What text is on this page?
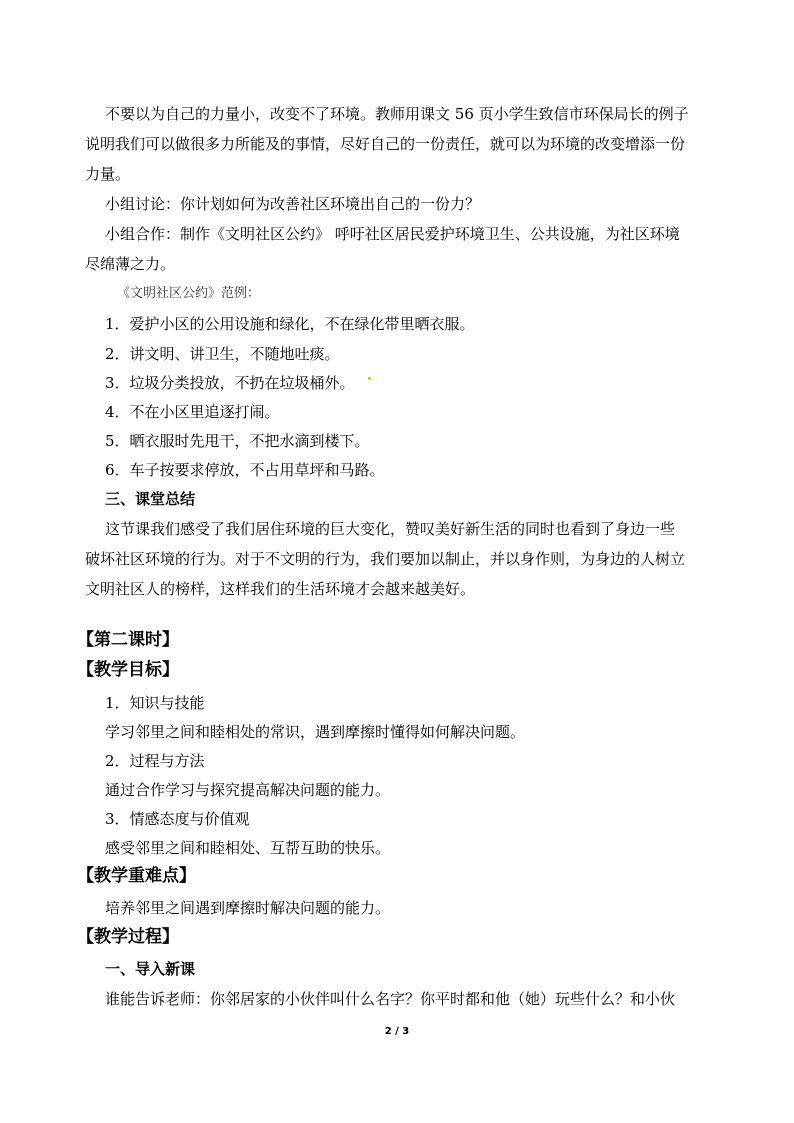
不要以为自己的力量小，改变不了环境。教师用课文 56 页小学生致信市环保局长的例子
说明我们可以做很多力所能及的事情，尽好自己的一份责任，就可以为环境的改变增添一份
力量。
小组讨论：你计划如何为改善社区环境出自己的一份力？
小组合作：制作《文明社区公约》 呼吁社区居民爱护环境卫生、公共设施，为社区环境
尽绵薄之力。
《文明社区公约》范例：
1．爱护小区的公用设施和绿化，不在绿化带里晒衣服。
2．讲文明、讲卫生，不随地吐痰。
3．垃圾分类投放，不扔在垃圾桶外。
4．不在小区里追逐打闹。
5．晒衣服时先甩干，不把水滴到楼下。
6．车子按要求停放，不占用草坪和马路。
三、课堂总结
这节课我们感受了我们居住环境的巨大变化，赞叹美好新生活的同时也看到了身边一些
破坏社区环境的行为。对于不文明的行为，我们要加以制止，并以身作则，为身边的人树立
文明社区人的榜样，这样我们的生活环境才会越来越美好。
【第二课时】
【教学目标】
1．知识与技能
学习邻里之间和睦相处的常识，遇到摩擦时懂得如何解决问题。
2．过程与方法
通过合作学习与探究提高解决问题的能力。
3．情感态度与价值观
感受邻里之间和睦相处、互帮互助的快乐。
【教学重难点】
培养邻里之间遇到摩擦时解决问题的能力。
【教学过程】
一、导入新课
谁能告诉老师：你邻居家的小伙伴叫什么名字？你平时都和他（她）玩些什么？和小伙
2 / 3
